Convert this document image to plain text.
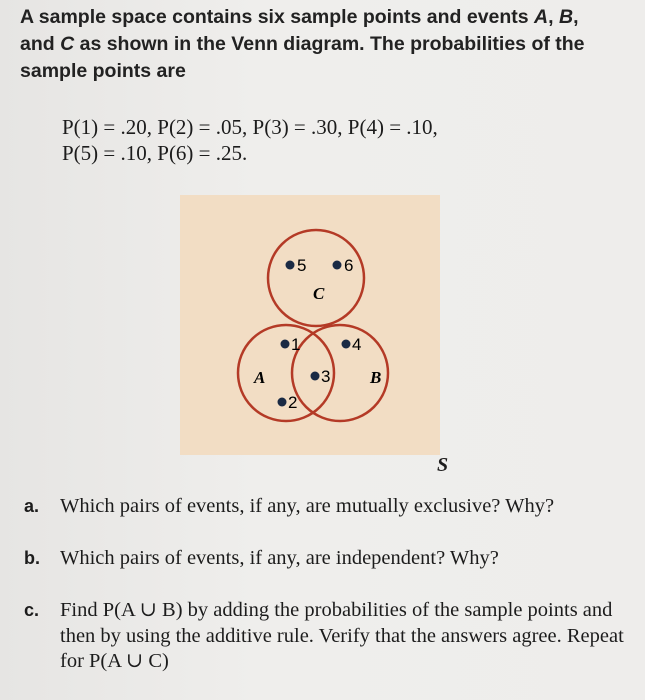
A sample space contains six sample points and events A, B,
and C as shown in the Venn diagram. The probabilities of the sample points are
P(1) = .20, P(2) = .05, P(3) = .30, P(4) = .10,
P(5) = .10, P(6) = .25.
5 6
C
1	4
A	3 B
2
S
a. Which pairs of events, if any, are mutually exclusive? Why?
b. Which pairs of events, if any, are independent? Why?
c. Find P(A ∪ B) by adding the probabilities of the sample points and then by using the additive rule. Verify that the answers agree. Repeat for P(A ∪ C)
